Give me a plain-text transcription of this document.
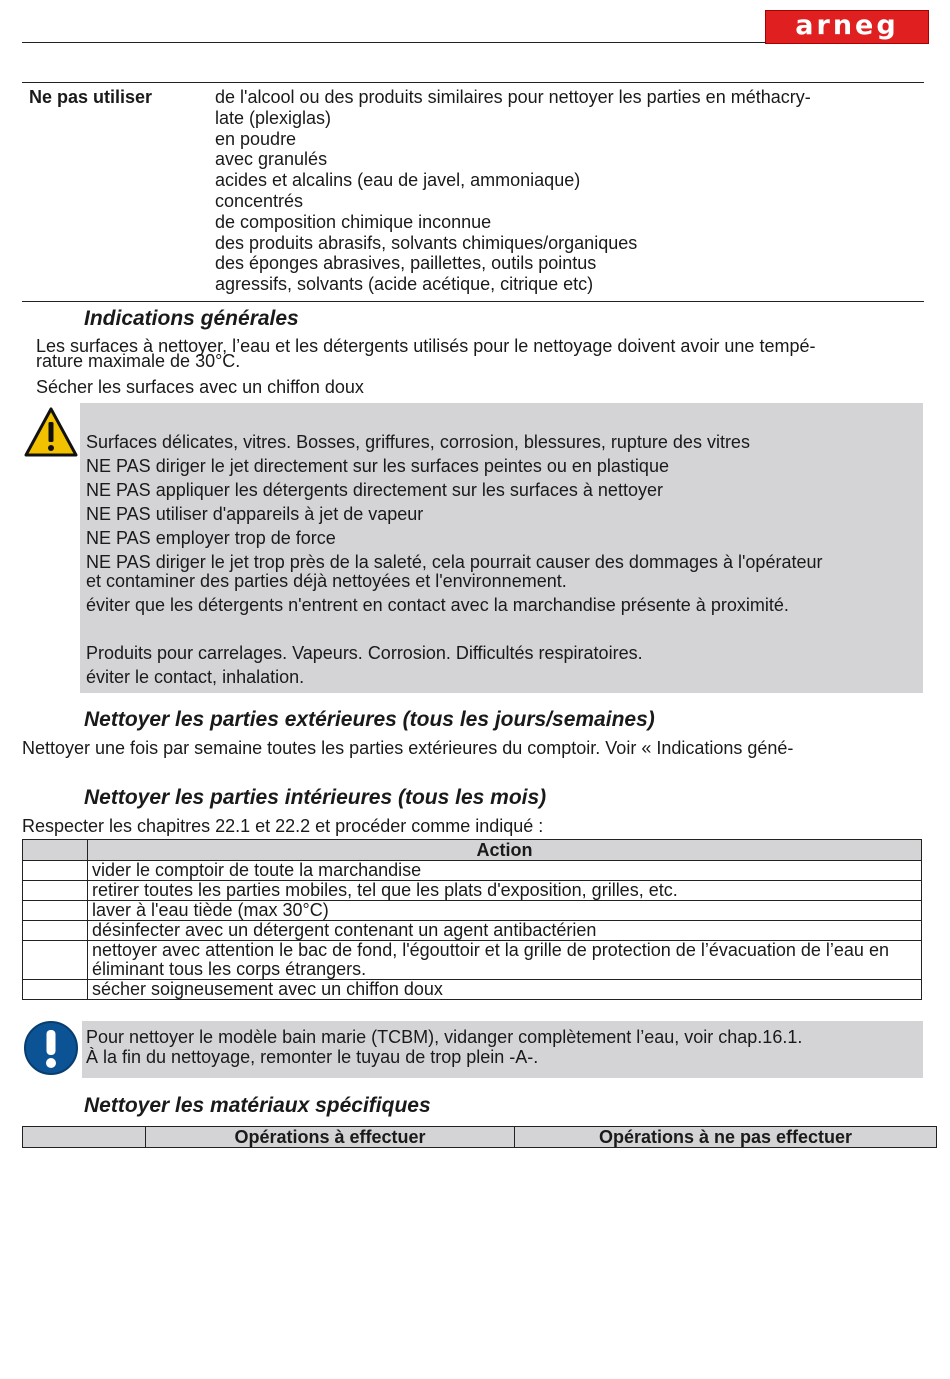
arneg
Ne pas utiliser	de l'alcool ou des produits similaires pour nettoyer les parties en méthacry-
late (plexiglas)
en poudre
avec granulés
acides et alcalins (eau de javel, ammoniaque)
concentrés
de composition chimique inconnue
des produits abrasifs, solvants chimiques/organiques
des éponges abrasives, paillettes, outils pointus
agressifs, solvants (acide acétique, citrique etc)
Indications générales
Les surfaces à nettoyer, l’eau et les détergents utilisés pour le nettoyage doivent avoir une tempé-
rature maximale de 30°C.
Sécher les surfaces avec un chiffon doux
Surfaces délicates, vitres. Bosses, griffures, corrosion, blessures, rupture des vitres
NE PAS diriger le jet directement sur les surfaces peintes ou en plastique
NE PAS appliquer les détergents directement sur les surfaces à nettoyer
NE PAS utiliser d'appareils à jet de vapeur
NE PAS employer trop de force
NE PAS diriger le jet trop près de la saleté, cela pourrait causer des dommages à l'opérateur
et contaminer des parties déjà nettoyées et l'environnement.
éviter que les détergents n'entrent en contact avec la marchandise présente à proximité.
Produits pour carrelages. Vapeurs. Corrosion. Difficultés respiratoires.
éviter le contact, inhalation.
Nettoyer les parties extérieures (tous les jours/semaines)
Nettoyer une fois par semaine toutes les parties extérieures du comptoir. Voir « Indications géné-
Nettoyer les parties intérieures (tous les mois)
Respecter les chapitres 22.1 et 22.2 et procéder comme indiqué :
	Action
	vider le comptoir de toute la marchandise
	retirer toutes les parties mobiles, tel que les plats d'exposition, grilles, etc.
	laver à l'eau tiède (max 30°C)
	désinfecter avec un détergent contenant un agent antibactérien
	nettoyer avec attention le bac de fond, l'égouttoir et la grille de protection de l’évacuation de l’eau en éliminant tous les corps étrangers.
	sécher soigneusement avec un chiffon doux
Pour nettoyer le modèle bain marie (TCBM), vidanger complètement l’eau, voir chap.16.1.
À la fin du nettoyage, remonter le tuyau de trop plein -A-.
Nettoyer les matériaux spécifiques
	Opérations à effectuer	Opérations à ne pas effectuer
